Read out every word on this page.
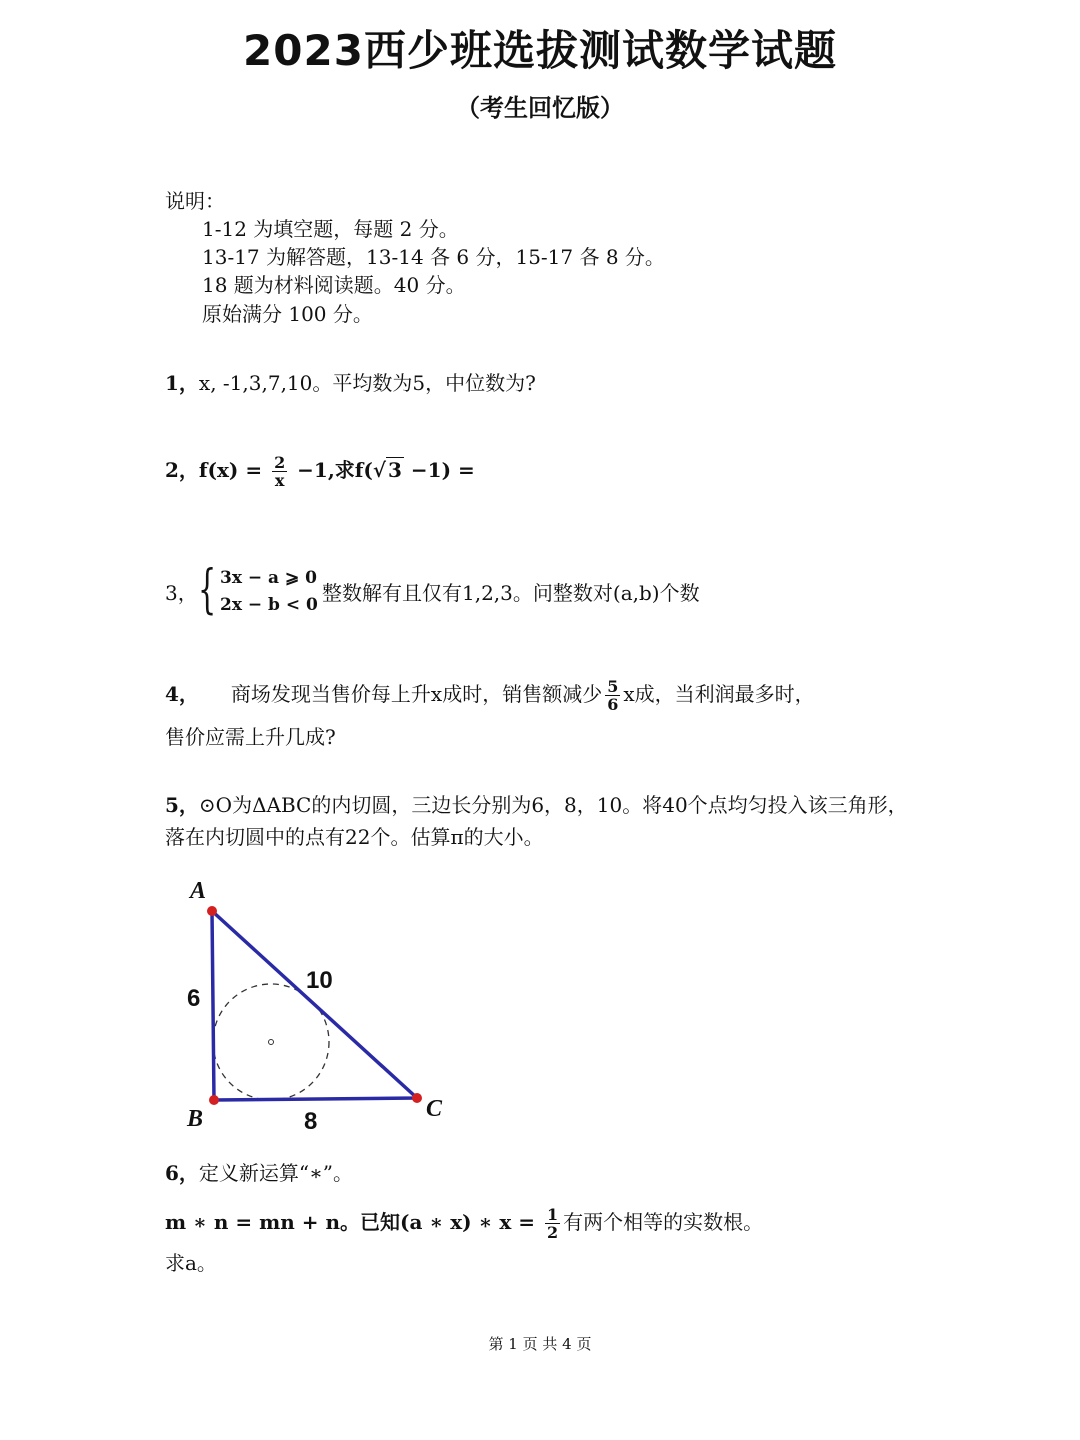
2023西少班选拔测试数学试题
（考生回忆版）
说明：
1-12 为填空题，每题 2 分。
13-17 为解答题，13-14 各 6 分，15-17 各 8 分。
18 题为材料阅读题。40 分。
原始满分 100 分。
1，x, -1,3,7,10。平均数为5，中位数为?
2，$f(x) = \frac{2}{x} -1$,求f(√ 3 −1) =
3， { 3x − a ⩾ 0
2x − b < 0 整数解有且仅有1,2,3。问整数对(a,b)个数
4， 商场发现当售价每上升x成时，销售额减少 $\frac{5}{6}$ x成，当利润最多时，
售价应需上升几成?
5，⊙O为ΔABC的内切圆，三边长分别为6，8，10。将40个点均匀投入该三角形，
落在内切圆中的点有22个。估算π的大小。
A
B	C
6
10
8
6，定义新运算“∗”。
m ∗ n = mn + n。已知(a ∗ x) ∗ $x = \frac{1}{2}$ 有两个相等的实数根。
求a。
第 1 页 共 4 页
